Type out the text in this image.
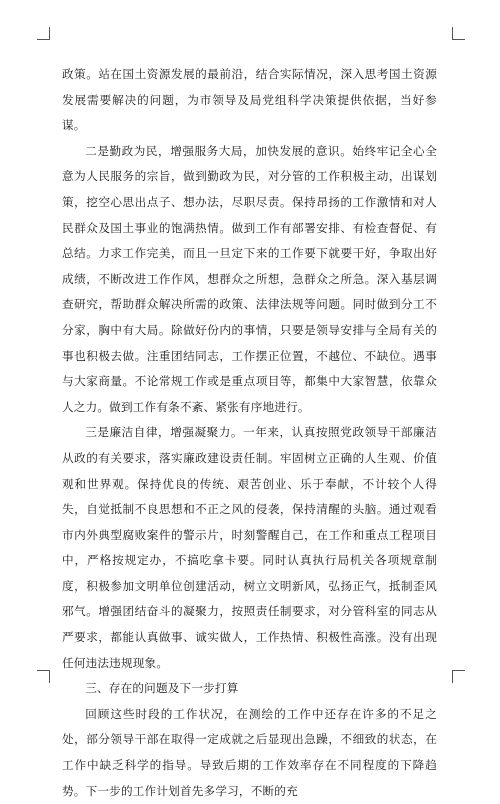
政策。站在国土资源发展的最前沿，结合实际情况，深入思考国土资源发展需要解决的问题，为市领导及局党组科学决策提供依据，当好参谋。

二是勤政为民，增强服务大局，加快发展的意识。始终牢记全心全意为人民服务的宗旨，做到勤政为民，对分管的工作积极主动，出谋划策，挖空心思出点子、想办法，尽职尽责。保持昂扬的工作激情和对人民群众及国土事业的饱满热情。做到工作有部署安排、有检查督促、有总结。力求工作完美，而且一旦定下来的工作要下就要干好，争取出好成绩，不断改进工作作风，想群众之所想，急群众之所急。深入基层调查研究，帮助群众解决所需的政策、法律法规等问题。同时做到分工不分家，胸中有大局。除做好份内的事情，只要是领导安排与全局有关的事也积极去做。注重团结同志，工作摆正位置，不越位、不缺位。遇事与大家商量。不论常规工作或是重点项目等，都集中大家智慧，依靠众人之力。做到工作有条不紊、紧张有序地进行。

三是廉洁自律，增强凝聚力。一年来，认真按照党政领导干部廉洁从政的有关要求，落实廉政建设责任制。牢固树立正确的人生观、价值观和世界观。保持优良的传统、艰苦创业、乐于奉献，不计较个人得失，自觉抵制不良思想和不正之风的侵袭，保持清醒的头脑。通过观看市内外典型腐败案件的警示片，时刻警醒自己，在工作和重点工程项目中，严格按规定办，不搞吃拿卡要。同时认真执行局机关各项规章制度，积极参加文明单位创建活动，树立文明新风，弘扬正气，抵制歪风邪气。增强团结奋斗的凝聚力，按照责任制要求，对分管科室的同志从严要求，都能认真做事、诚实做人，工作热情、积极性高涨。没有出现任何违法违规现象。

三、存在的问题及下一步打算

回顾这些时段的工作状况，在测绘的工作中还存在许多的不足之处，部分领导干部在取得一定成就之后显现出急躁，不细致的状态，在工作中缺乏科学的指导。导致后期的工作效率存在不同程度的下降趋势。下一步的工作计划首先多学习，不断的充
